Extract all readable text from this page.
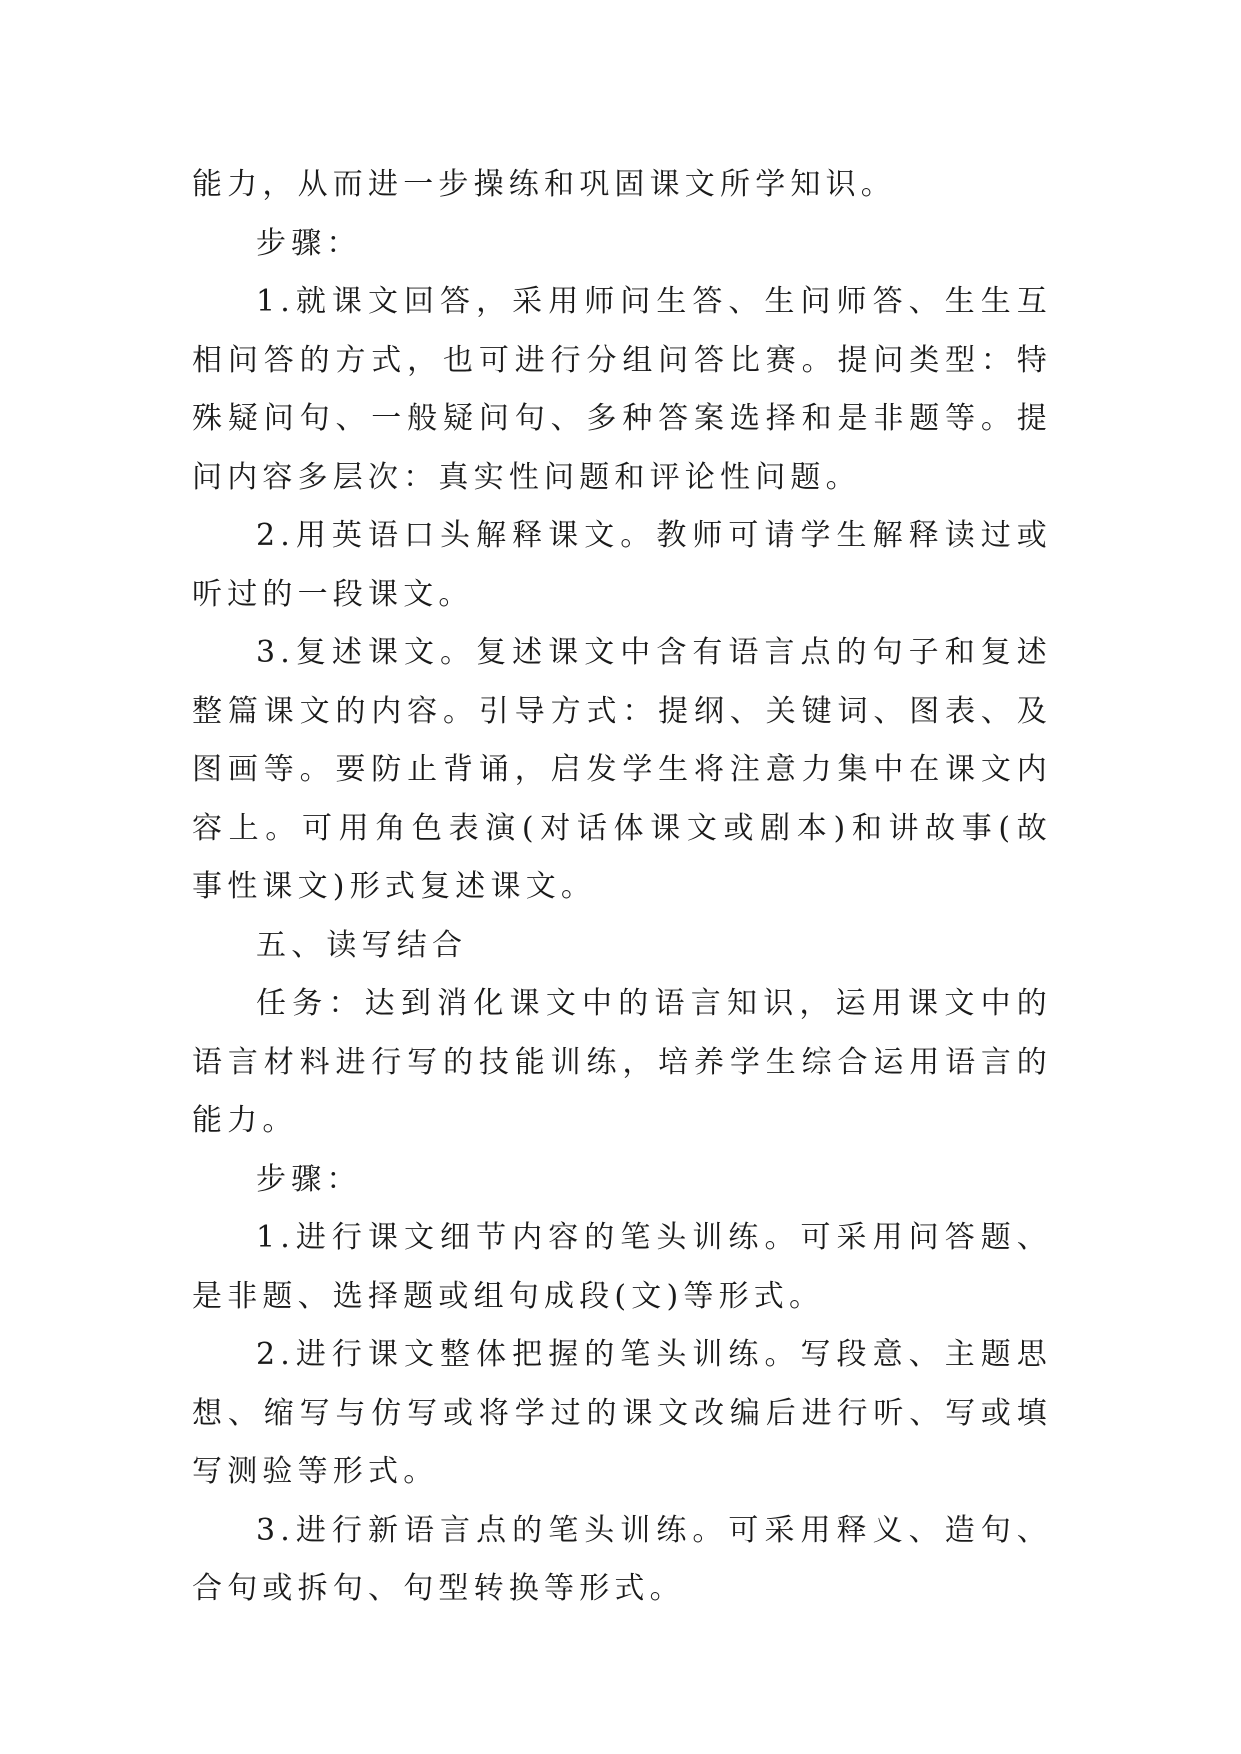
能力，从而进一步操练和巩固课文所学知识。

步骤：

1.就课文回答，采用师问生答、生问师答、生生互相问答的方式，也可进行分组问答比赛。提问类型：特殊疑问句、一般疑问句、多种答案选择和是非题等。提问内容多层次：真实性问题和评论性问题。

2.用英语口头解释课文。教师可请学生解释读过或听过的一段课文。

3.复述课文。复述课文中含有语言点的句子和复述整篇课文的内容。引导方式：提纲、关键词、图表、及图画等。要防止背诵，启发学生将注意力集中在课文内容上。可用角色表演(对话体课文或剧本)和讲故事(故事性课文)形式复述课文。

五、读写结合

任务：达到消化课文中的语言知识，运用课文中的语言材料进行写的技能训练，培养学生综合运用语言的能力。

步骤：

1.进行课文细节内容的笔头训练。可采用问答题、是非题、选择题或组句成段(文)等形式。

2.进行课文整体把握的笔头训练。写段意、主题思想、缩写与仿写或将学过的课文改编后进行听、写或填写测验等形式。

3.进行新语言点的笔头训练。可采用释义、造句、合句或拆句、句型转换等形式。
